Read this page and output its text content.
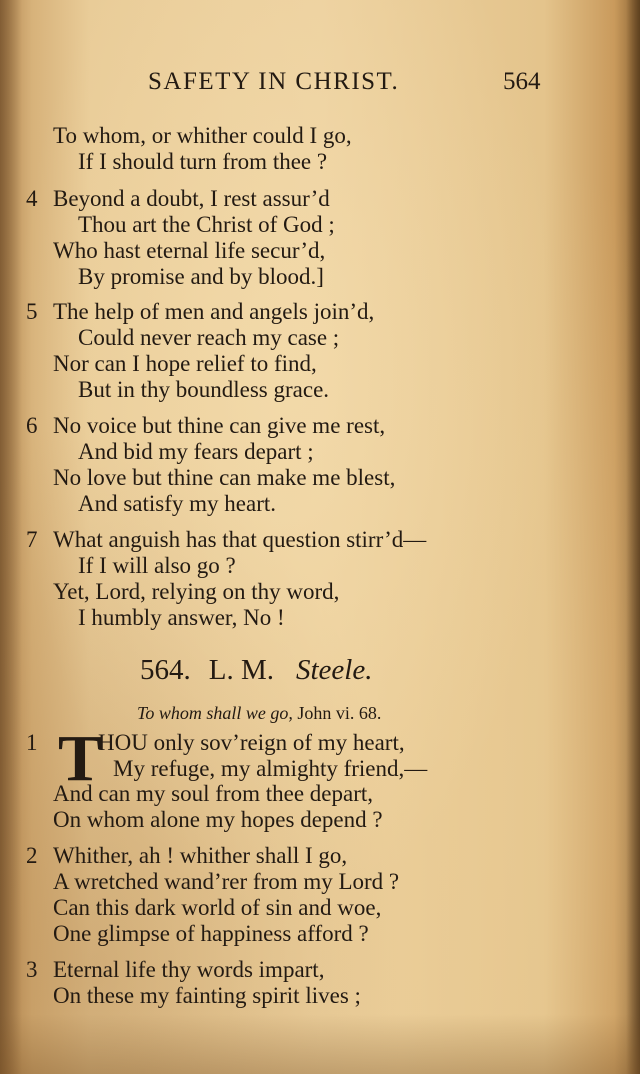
SAFETY IN CHRIST.	564
To whom, or whither could I go,
If I should turn from thee ?
4 Beyond a doubt, I rest assur’d
Thou art the Christ of God ;
Who hast eternal life secur’d,
By promise and by blood.]
5 The help of men and angels join’d,
Could never reach my case ;
Nor can I hope relief to find,
But in thy boundless grace.
6 No voice but thine can give me rest,
And bid my fears depart ;
No love but thine can make me blest,
And satisfy my heart.
7 What anguish has that question stirr’d—
If I will also go ?
Yet, Lord, relying on thy word,
I humbly answer, No !
564. L. M. Steele.
To whom shall we go, John vi. 68.
1 T
HOU only sov’reign of my heart,
My refuge, my almighty friend,—
And can my soul from thee depart,
On whom alone my hopes depend ?
2 Whither, ah ! whither shall I go,
A wretched wand’rer from my Lord ?
Can this dark world of sin and woe,
One glimpse of happiness afford ?
3 Eternal life thy words impart,
On these my fainting spirit lives ;
